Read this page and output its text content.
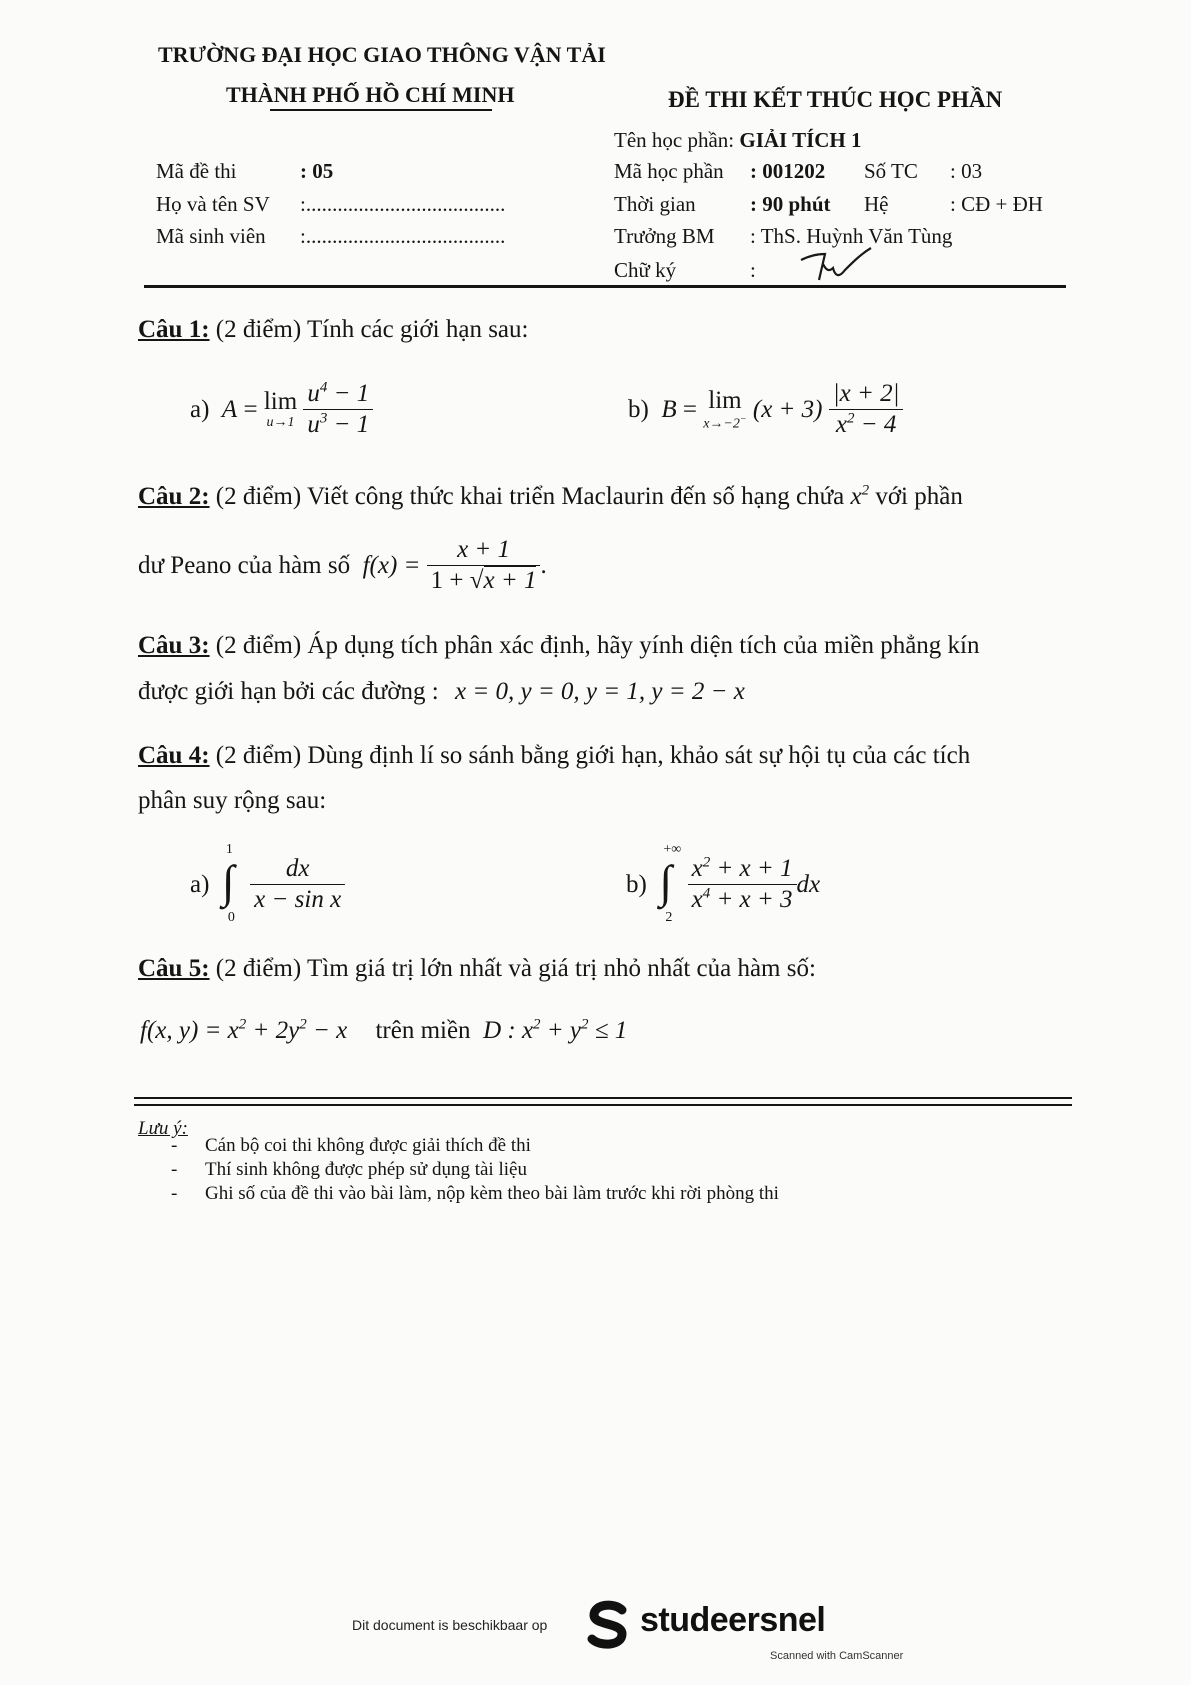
TRƯỜNG ĐẠI HỌC GIAO THÔNG VẬN TẢI
THÀNH PHỐ HỒ CHÍ MINH	ĐỀ THI KẾT THÚC HỌC PHẦN
Tên học phần: GIẢI TÍCH 1
Mã đề thi	: 05	Mã học phần : 001202 Số TC : 03
Họ và tên SV :......................................	Thời gian	: 90 phút Hệ	: CĐ + ĐH
Mã sinh viên :......................................	Trưởng BM : ThS. Huỳnh Văn Tùng
Chữ ký	:
Câu 1: (2 điểm) Tính các giới hạn sau:
a)  A = lim
u→1
$\frac{u^4 - 1}{u^3 - 1}$	b)  B = lim
x→−2− $(x + 3) \frac{|x + 2|}{x^2 - 4}$
Câu 2: (2 điểm) Viết công thức khai triển Maclaurin đến số hạng chứa $x^2$ với phần
dư Peano của hàm số  $f(x) = \frac{x + 1}{1 + √x + 1}$ .
Câu 3: (2 điểm) Áp dụng tích phân xác định, hãy yính diện tích của miền phẳng kín
được giới hạn bởi các đường : x = 0, y = 0, y = 1, y = 2 − x
Câu 4: (2 điểm) Dùng định lí so sánh bằng giới hạn, khảo sát sự hội tụ của các tích
phân suy rộng sau:
a) ∫
1
0

$\frac{dx}{\text{x − sin x}}$	b) ∫
+∞
2

$\frac{x^2 + x + 1}{x^4 + x + 3}$ dx
Câu 5: (2 điểm) Tìm giá trị lớn nhất và giá trị nhỏ nhất của hàm số:
f(x, $y) = x^2 + 2y^2 - x$ trên miền  D : $x^2 + y^2 \le 1$
Lưu ý:
- Cán bộ coi thi không được giải thích đề thi
- Thí sinh không được phép sử dụng tài liệu
- Ghi số của đề thi vào bài làm, nộp kèm theo bài làm trước khi rời phòng thi
Dit document is beschikbaar op	studeersnel
Scanned with CamScanner
